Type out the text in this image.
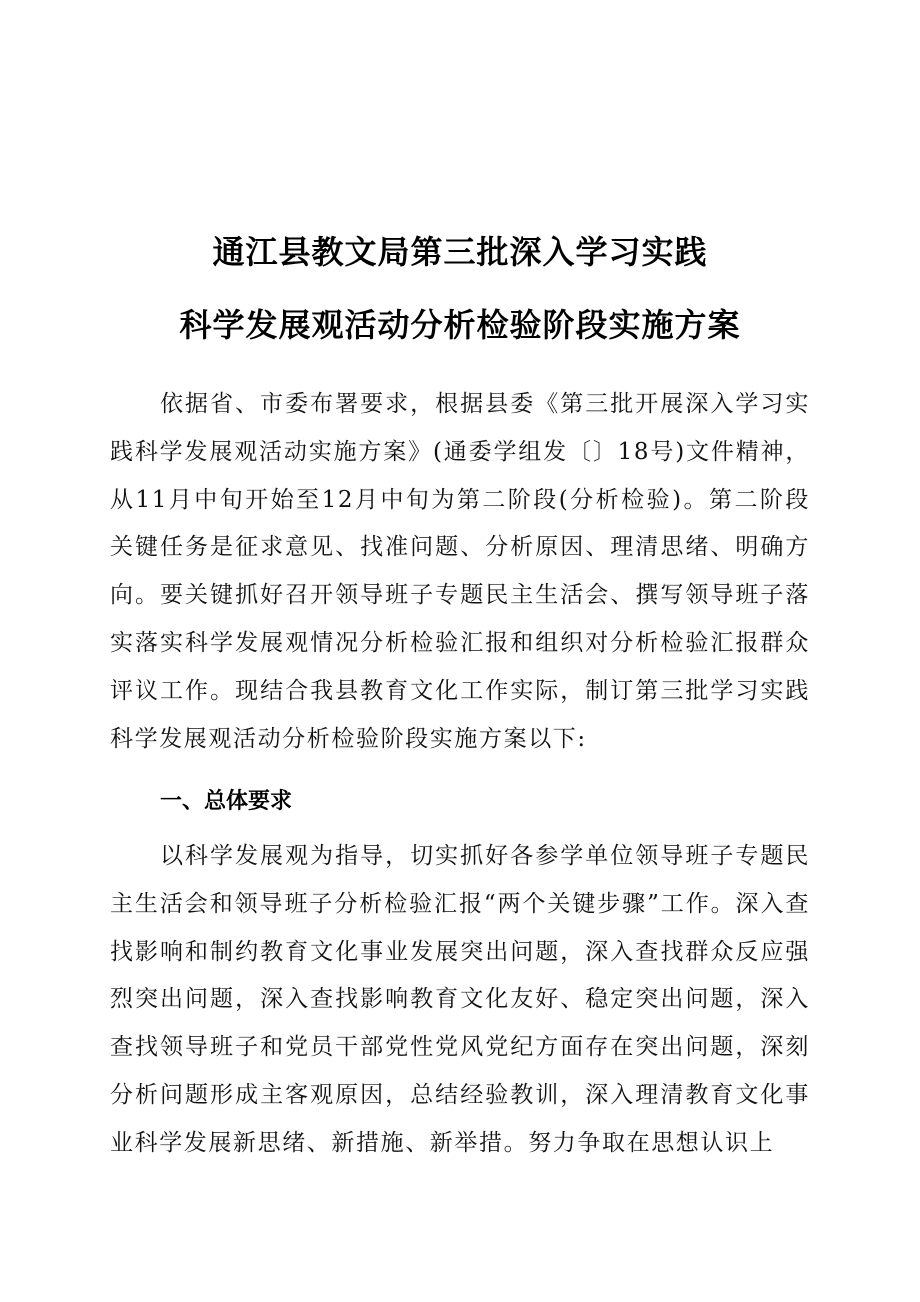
通江县教文局第三批深入学习实践
科学发展观活动分析检验阶段实施方案

依据省、市委布署要求，根据县委《第三批开展深入学习实践科学发展观活动实施方案》(通委学组发〔〕18号)文件精神，从11月中旬开始至12月中旬为第二阶段(分析检验)。第二阶段关键任务是征求意见、找准问题、分析原因、理清思绪、明确方向。要关键抓好召开领导班子专题民主生活会、撰写领导班子落实落实科学发展观情况分析检验汇报和组织对分析检验汇报群众评议工作。现结合我县教育文化工作实际，制订第三批学习实践科学发展观活动分析检验阶段实施方案以下:

一、总体要求

以科学发展观为指导，切实抓好各参学单位领导班子专题民主生活会和领导班子分析检验汇报“两个关键步骤”工作。深入查找影响和制约教育文化事业发展突出问题，深入查找群众反应强烈突出问题，深入查找影响教育文化友好、稳定突出问题，深入查找领导班子和党员干部党性党风党纪方面存在突出问题，深刻分析问题形成主客观原因，总结经验教训，深入理清教育文化事业科学发展新思绪、新措施、新举措。努力争取在思想认识上
